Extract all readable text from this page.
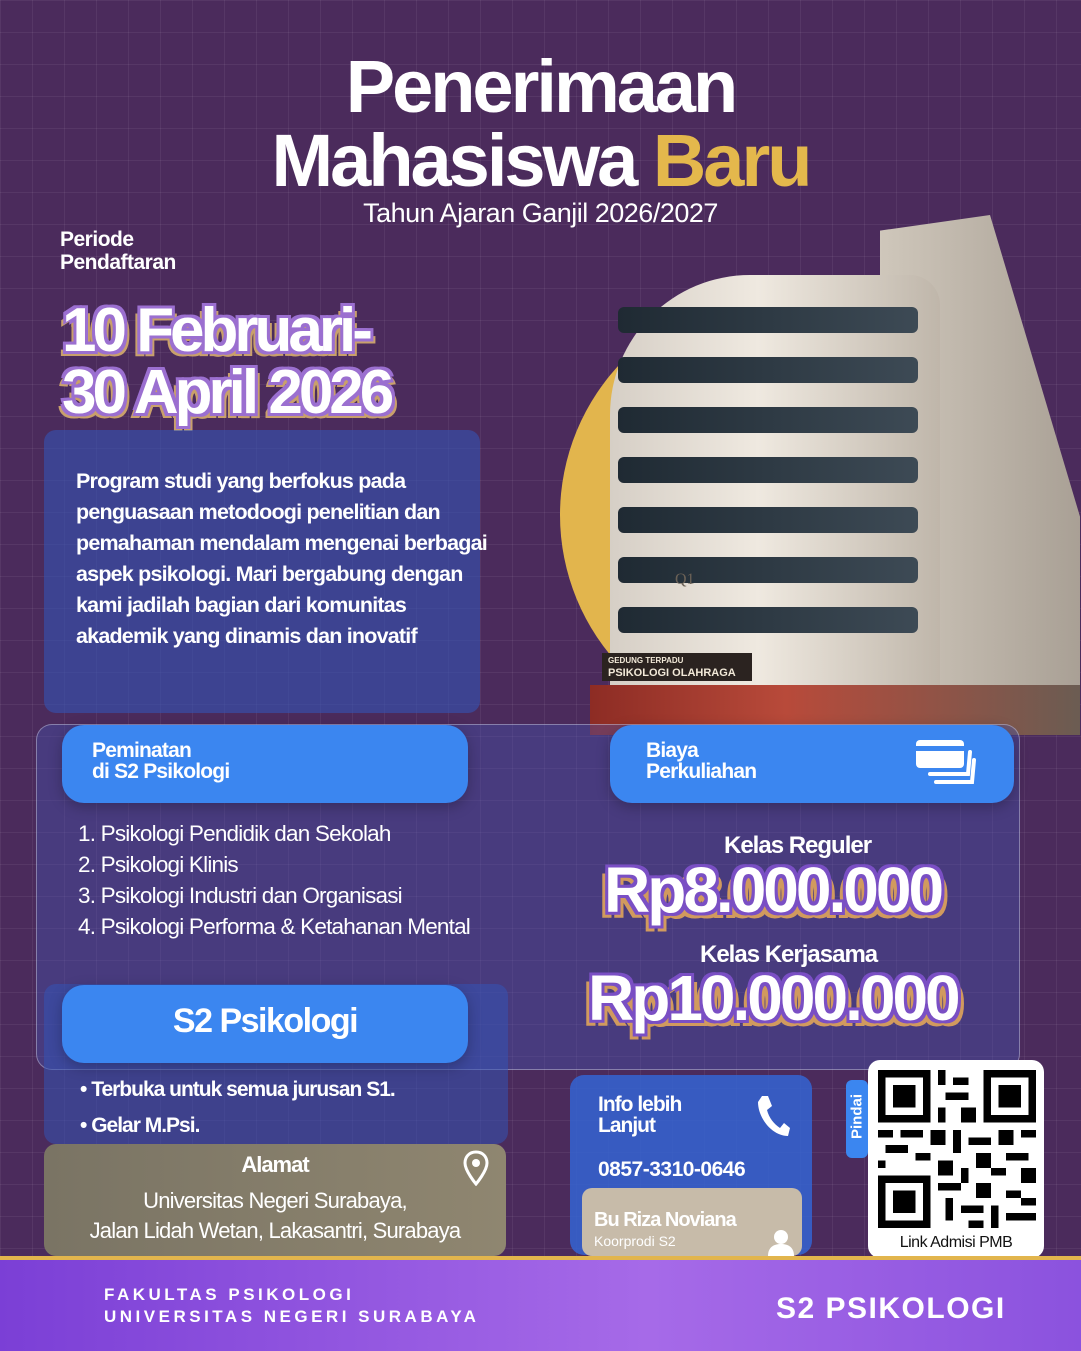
Penerimaan
Mahasiswa Baru
Tahun Ajaran Ganjil 2026/2027
Q1
GEDUNG TERPADU
PSIKOLOGI OLAHRAGA
Periode
Pendaftaran
10 Februari-
30 April 2026
Program studi yang berfokus pada penguasaan metodoogi penelitian dan pemahaman mendalam mengenai berbagai aspek psikologi. Mari bergabung dengan kami jadilah bagian dari komunitas akademik yang dinamis dan inovatif
Peminatan
di S2 Psikologi
Biaya
Perkuliahan
1. Psikologi Pendidik dan Sekolah
2. Psikologi Klinis
3. Psikologi Industri dan Organisasi
4. Psikologi Performa & Ketahanan Mental
Kelas Reguler
Rp8.000.000
Kelas Kerjasama
Rp10.000.000
S2 Psikologi
• Terbuka untuk semua jurusan S1.
• Gelar M.Psi.
Alamat
Universitas Negeri Surabaya,
Jalan Lidah Wetan, Lakasantri, Surabaya
Info lebih
Lanjut
0857-3310-0646
Bu Riza Noviana
Koorprodi S2
Pindai
Link Admisi PMB
FAKULTAS PSIKOLOGI
UNIVERSITAS NEGERI SURABAYA	S2 PSIKOLOGI
